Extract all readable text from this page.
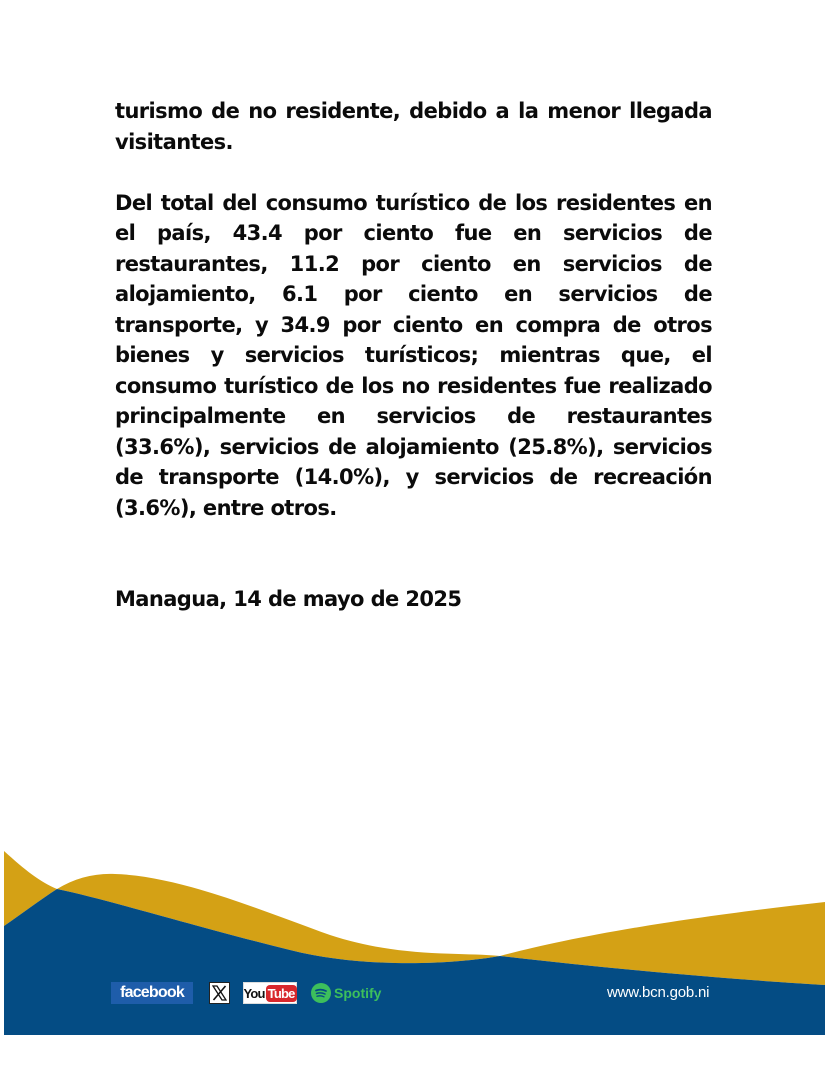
turismo de no residente, debido a la menor llegada visitantes.

Del total del consumo turístico de los residentes en el país, 43.4 por ciento fue en servicios de restaurantes, 11.2 por ciento en servicios de alojamiento, 6.1 por ciento en servicios de transporte, y 34.9 por ciento en compra de otros bienes y servicios turísticos; mientras que, el consumo turístico de los no residentes fue realizado principalmente en servicios de restaurantes (33.6%), servicios de alojamiento (25.8%), servicios de transporte (14.0%), y servicios de recreación (3.6%), entre otros.

Managua, 14 de mayo de 2025

facebook	You Tube	Spotify	www.bcn.gob.ni
